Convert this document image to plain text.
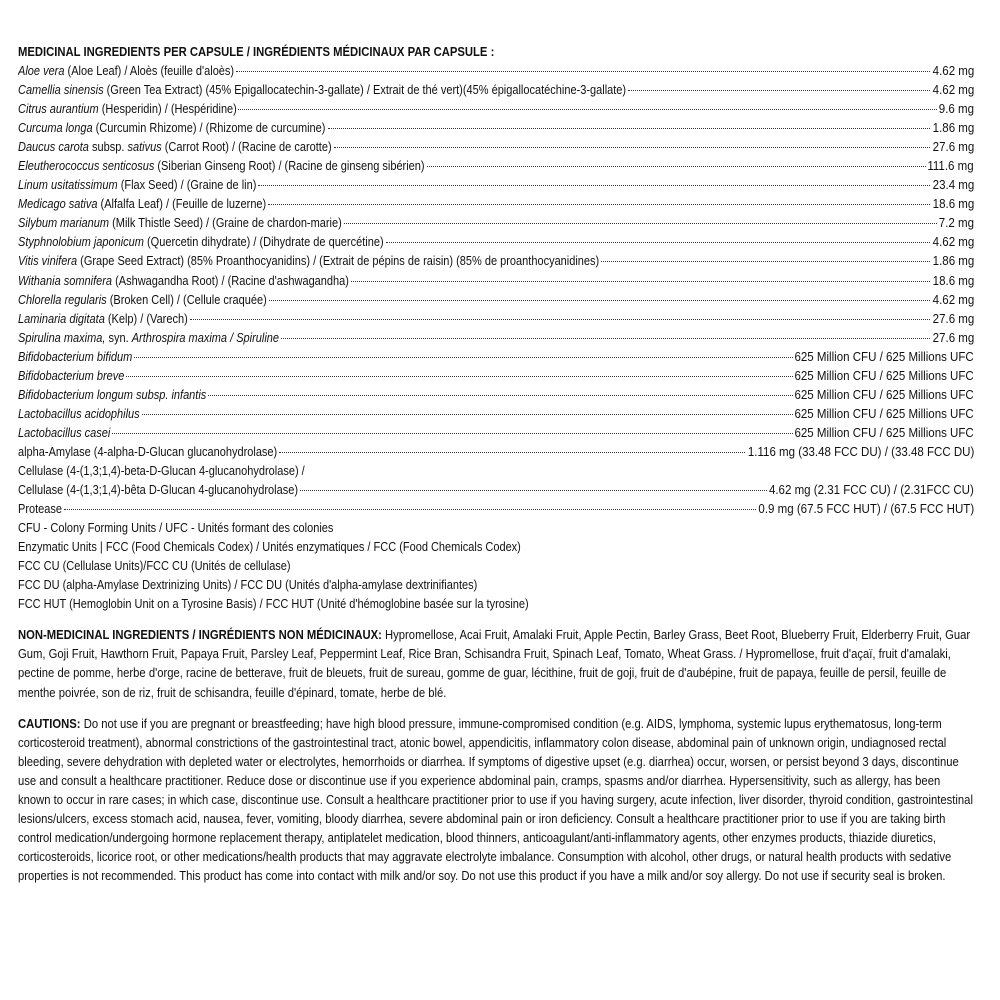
MEDICINAL INGREDIENTS PER CAPSULE / INGRÉDIENTS MÉDICINAUX PAR CAPSULE :
Aloe vera (Aloe Leaf) / Aloès (feuille d'aloès)	4.62 mg
Camellia sinensis (Green Tea Extract) (45% Epigallocatechin-3-gallate) / Extrait de thé vert)(45% épigallocatéchine-3-gallate)	4.62 mg
Citrus aurantium (Hesperidin) / (Hespéridine)	9.6 mg
Curcuma longa (Curcumin Rhizome) / (Rhizome de curcumine)	1.86 mg
Daucus carota subsp. sativus (Carrot Root) / (Racine de carotte)	27.6 mg
Eleutherococcus senticosus (Siberian Ginseng Root) / (Racine de ginseng sibérien)	111.6 mg
Linum usitatissimum (Flax Seed) / (Graine de lin)	23.4 mg
Medicago sativa (Alfalfa Leaf) / (Feuille de luzerne)	18.6 mg
Silybum marianum (Milk Thistle Seed) / (Graine de chardon-marie)	7.2 mg
Styphnolobium japonicum (Quercetin dihydrate) / (Dihydrate de quercétine)	4.62 mg
Vitis vinifera (Grape Seed Extract) (85% Proanthocyanidins) / (Extrait de pépins de raisin) (85% de proanthocyanidines)	1.86 mg
Withania somnifera (Ashwagandha Root) / (Racine d'ashwagandha)	18.6 mg
Chlorella regularis (Broken Cell) / (Cellule craquée)	4.62 mg
Laminaria digitata (Kelp) / (Varech)	27.6 mg
Spirulina maxima, syn. Arthrospira maxima / Spiruline	27.6 mg
Bifidobacterium bifidum	625 Million CFU / 625 Millions UFC
Bifidobacterium breve	625 Million CFU / 625 Millions UFC
Bifidobacterium longum subsp. infantis	625 Million CFU / 625 Millions UFC
Lactobacillus acidophilus	625 Million CFU / 625 Millions UFC
Lactobacillus casei	625 Million CFU / 625 Millions UFC
alpha-Amylase (4-alpha-D-Glucan glucanohydrolase)	1.116 mg (33.48 FCC DU) / (33.48 FCC DU)
Cellulase (4-(1,3;1,4)-beta-D-Glucan 4-glucanohydrolase) /
Cellulase (4-(1,3;1,4)-bêta D-Glucan 4-glucanohydrolase)	4.62 mg (2.31 FCC CU) / (2.31FCC CU)
Protease	0.9 mg (67.5 FCC HUT) / (67.5 FCC HUT)
CFU - Colony Forming Units / UFC - Unités formant des colonies
Enzymatic Units | FCC (Food Chemicals Codex) / Unités enzymatiques / FCC (Food Chemicals Codex)
FCC CU (Cellulase Units)/FCC CU (Unités de cellulase)
FCC DU (alpha-Amylase Dextrinizing Units) / FCC DU (Unités d'alpha-amylase dextrinifiantes)
FCC HUT (Hemoglobin Unit on a Tyrosine Basis) / FCC HUT (Unité d'hémoglobine basée sur la tyrosine)
NON-MEDICINAL INGREDIENTS / INGRÉDIENTS NON MÉDICINAUX: Hypromellose, Acai Fruit, Amalaki Fruit, Apple Pectin, Barley Grass, Beet Root, Blueberry Fruit, Elderberry Fruit, Guar Gum, Goji Fruit, Hawthorn Fruit, Papaya Fruit, Parsley Leaf, Peppermint Leaf, Rice Bran, Schisandra Fruit, Spinach Leaf, Tomato, Wheat Grass. / Hypromellose, fruit d'açaï, fruit d'amalaki, pectine de pomme, herbe d'orge, racine de betterave, fruit de bleuets, fruit de sureau, gomme de guar, lécithine, fruit de goji, fruit de d'aubépine, fruit de papaya, feuille de persil, feuille de menthe poivrée, son de riz, fruit de schisandra, feuille d'épinard, tomate, herbe de blé.
CAUTIONS: Do not use if you are pregnant or breastfeeding; have high blood pressure, immune-compromised condition (e.g. AIDS, lymphoma, systemic lupus erythematosus, long-term corticosteroid treatment), abnormal constrictions of the gastrointestinal tract, atonic bowel, appendicitis, inflammatory colon disease, abdominal pain of unknown origin, undiagnosed rectal bleeding, severe dehydration with depleted water or electrolytes, hemorrhoids or diarrhea. If symptoms of digestive upset (e.g. diarrhea) occur, worsen, or persist beyond 3 days, discontinue use and consult a healthcare practitioner. Reduce dose or discontinue use if you experience abdominal pain, cramps, spasms and/or diarrhea. Hypersensitivity, such as allergy, has been known to occur in rare cases; in which case, discontinue use. Consult a healthcare practitioner prior to use if you having surgery, acute infection, liver disorder, thyroid condition, gastrointestinal lesions/ulcers, excess stomach acid, nausea, fever, vomiting, bloody diarrhea, severe abdominal pain or iron deficiency. Consult a healthcare practitioner prior to use if you are taking birth control medication/undergoing hormone replacement therapy, antiplatelet medication, blood thinners, anticoagulant/anti-inflammatory agents, other enzymes products, thiazide diuretics, corticosteroids, licorice root, or other medications/health products that may aggravate electrolyte imbalance. Consumption with alcohol, other drugs, or natural health products with sedative properties is not recommended. This product has come into contact with milk and/or soy. Do not use this product if you have a milk and/or soy allergy. Do not use if security seal is broken.
